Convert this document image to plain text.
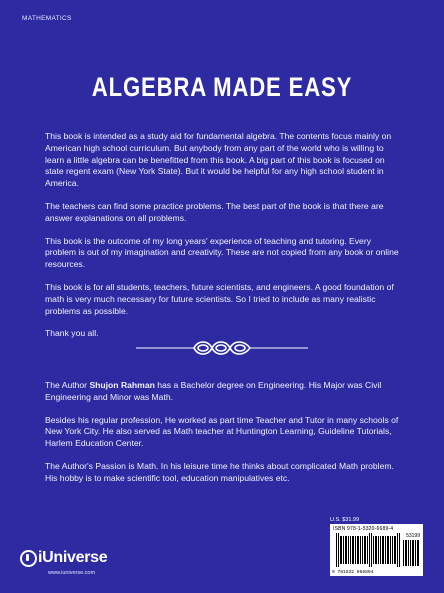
MATHEMATICS
ALGEBRA MADE EASY

This book is intended as a study aid for fundamental algebra. The contents focus mainly on American high school curriculum. But anybody from any part of the world who is willing to learn a little algebra can be benefitted from this book. A big part of this book is focused on state regent exam (New York State). But it would be helpful for any high school student in America.

The teachers can find some practice problems. The best part of the book is that there are answer explanations on all problems.

This book is the outcome of my long years' experience of teaching and tutoring. Every problem is out of my imagination and creativity. These are not copied from any book or online resources.

This book is for all students, teachers, future scientists, and engineers. A good foundation of math is very much necessary for future scientists. So I tried to include as many realistic problems as possible.

Thank you all.

The Author Shujon Rahman has a Bachelor degree on Engineering. His Major was Civil Engineering and Minor was Math.

Besides his regular profession, He worked as part time Teacher and Tutor in many schools of New York City. He also served as Math teacher at Huntington Learning, Guideline Tutorials, Harlem Education Center.

The Author's Passion is Math. In his leisure time he thinks about complicated Math problem.
His hobby is to make scientific tool, education manipulatives etc.

U.S. $31.99
ISBN 978-1-5320-6689-4
53199
9 781532 066894
iUniverse
www.iuniverse.com
